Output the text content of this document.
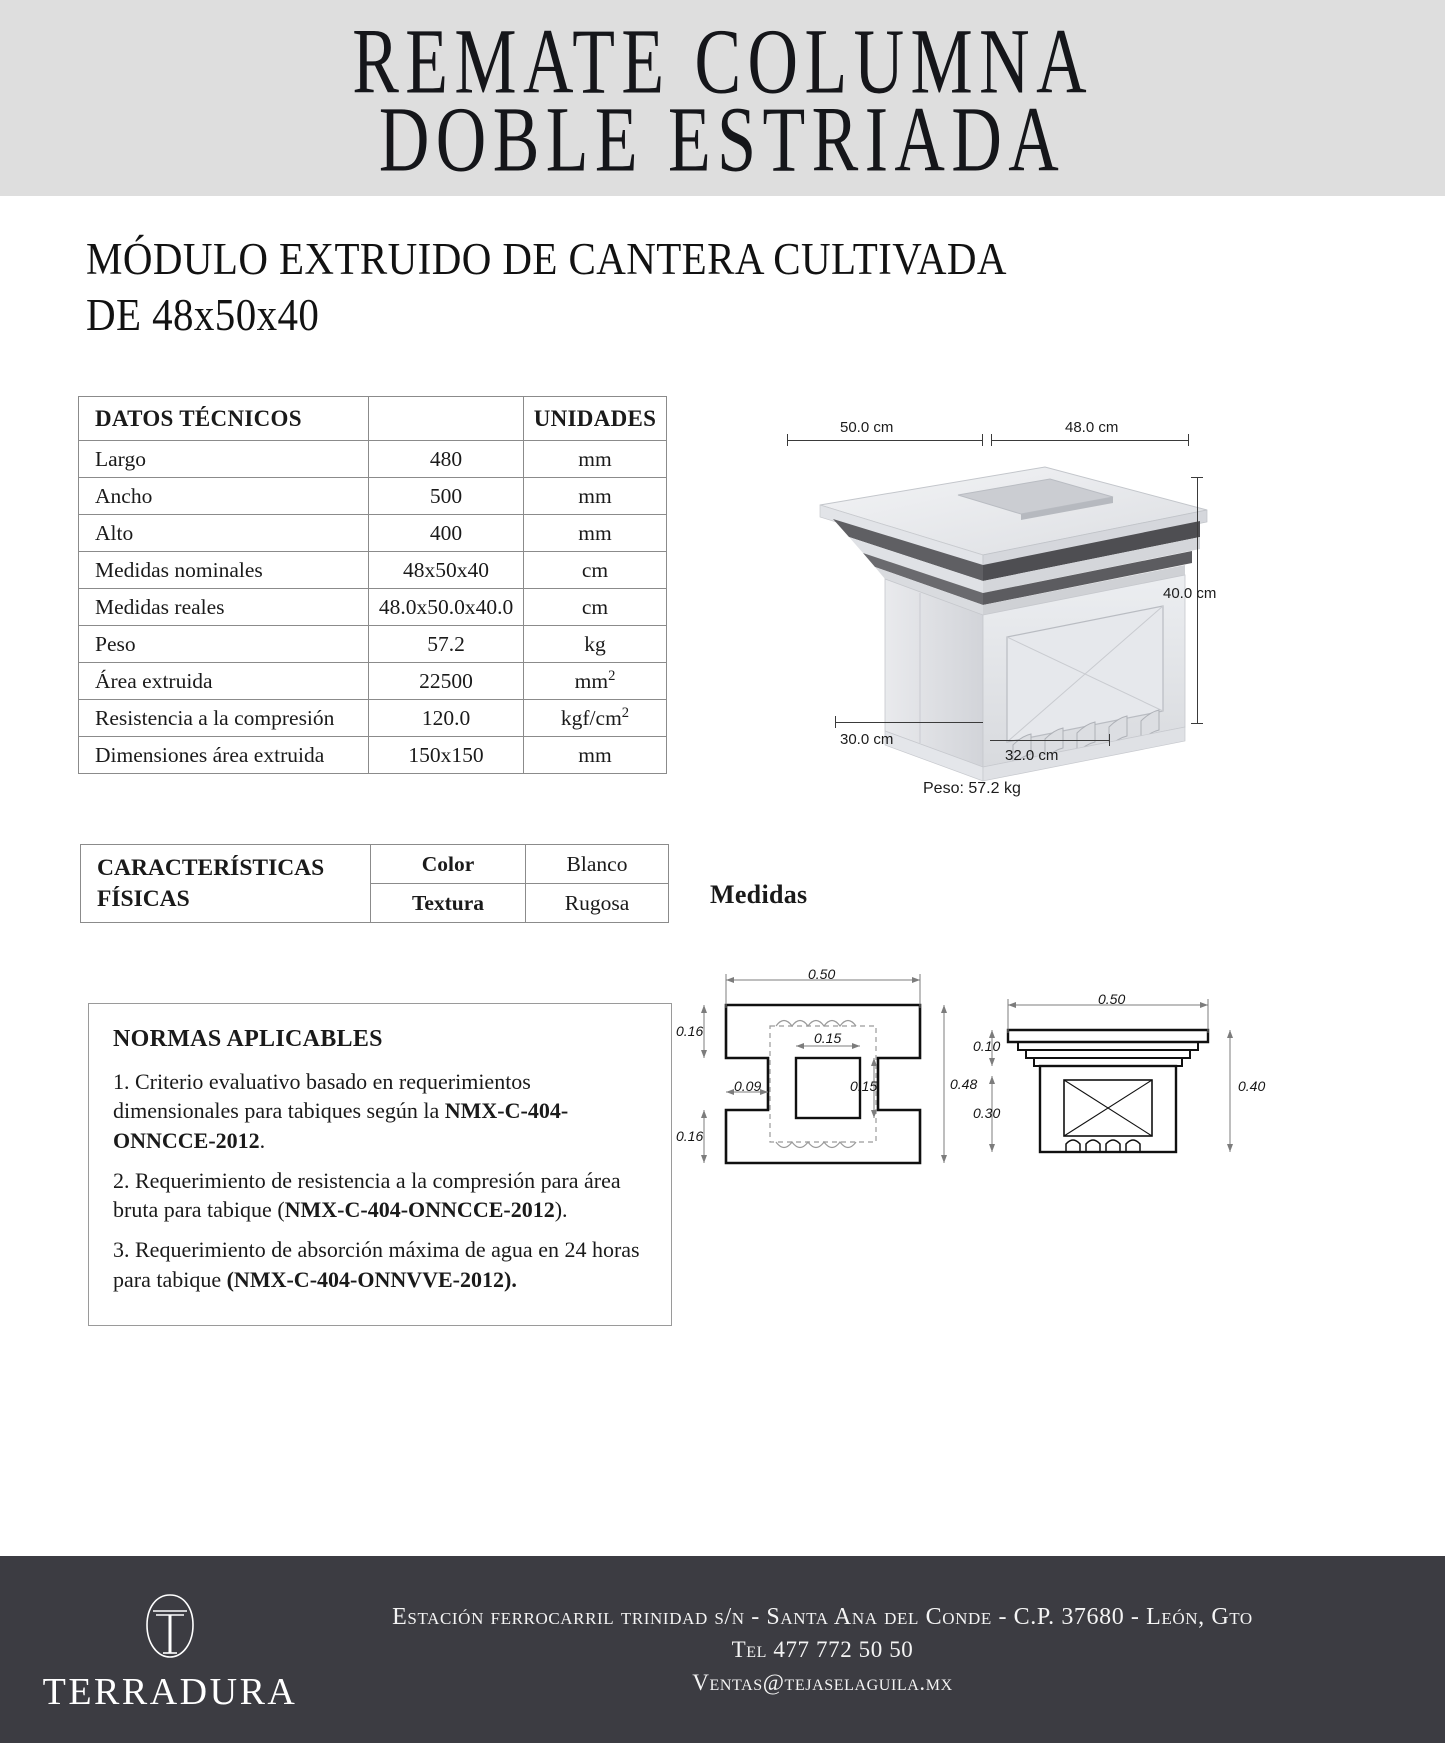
REMATE COLUMNA
DOBLE ESTRIADA
MÓDULO EXTRUIDO DE CANTERA CULTIVADA
DE 48x50x40
DATOS TÉCNICOS		UNIDADES
Largo	480	mm
Ancho	500	mm
Alto	400	mm
Medidas nominales	48x50x40	cm
Medidas reales	48.0x50.0x40.0	cm
Peso	57.2	kg
Área extruida	22500	$mm^2$
Resistencia a la compresión	120.0	kgf/$cm^2$
Dimensiones área extruida	150x150	mm
CARACTERÍSTICAS
FÍSICAS	Color	Blanco
	Textura	Rugosa
NORMAS APLICABLES
1. Criterio evaluativo basado en requerimientos dimensionales para tabiques según la NMX-C-404-ONNCCE-2012.
2. Requerimiento de resistencia a la compresión para área bruta para tabique (NMX-C-404-ONNCCE-2012).
3. Requerimiento de absorción máxima de agua en 24 horas para tabique (NMX-C-404-ONNVVE-2012).
50.0 cm	48.0 cm
40.0 cm
30.0 cm
32.0 cm
Peso: 57.2 kg
Medidas
0.50
0.16
0.16
0.09
0.15
0.15	0.48
0.50
0.10
0.30
0.40
TERRADURA
Estación ferrocarril trinidad s/n - Santa Ana del Conde - C.P. 37680 - León, Gto
Tel 477 772 50 50
Ventas@tejaselaguila.mx
